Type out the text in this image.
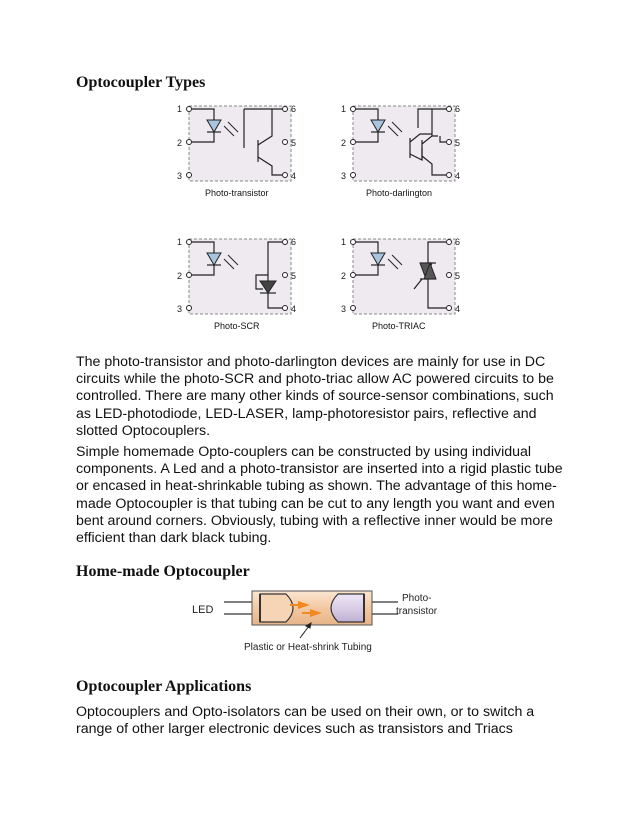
Optocoupler Types
1
2
3
6
5
4
Photo-transistor
1
2
3
6
5
4
Photo-darlington
1
2
3
6
5
4
Photo-SCR
1
2
3
6
5
4
Photo-TRIAC

The photo-transistor and photo-darlington devices are mainly for use in DC circuits while the photo-SCR and photo-triac allow AC powered circuits to be controlled. There are many other kinds of source-sensor combinations, such as LED-photodiode, LED-LASER, lamp-photoresistor pairs, reflective and slotted Optocouplers.

Simple homemade Opto-couplers can be constructed by using individual components. A Led and a photo-transistor are inserted into a rigid plastic tube or encased in heat-shrinkable tubing as shown. The advantage of this home-made Optocoupler is that tubing can be cut to any length you want and even bent around corners. Obviously, tubing with a reflective inner would be more efficient than dark black tubing.

Home-made Optocoupler
LED
Photo-
transistor
Plastic or Heat-shrink Tubing
Optocoupler Applications

Optocouplers and Opto-isolators can be used on their own, or to switch a range of other larger electronic devices such as transistors and Triacs
